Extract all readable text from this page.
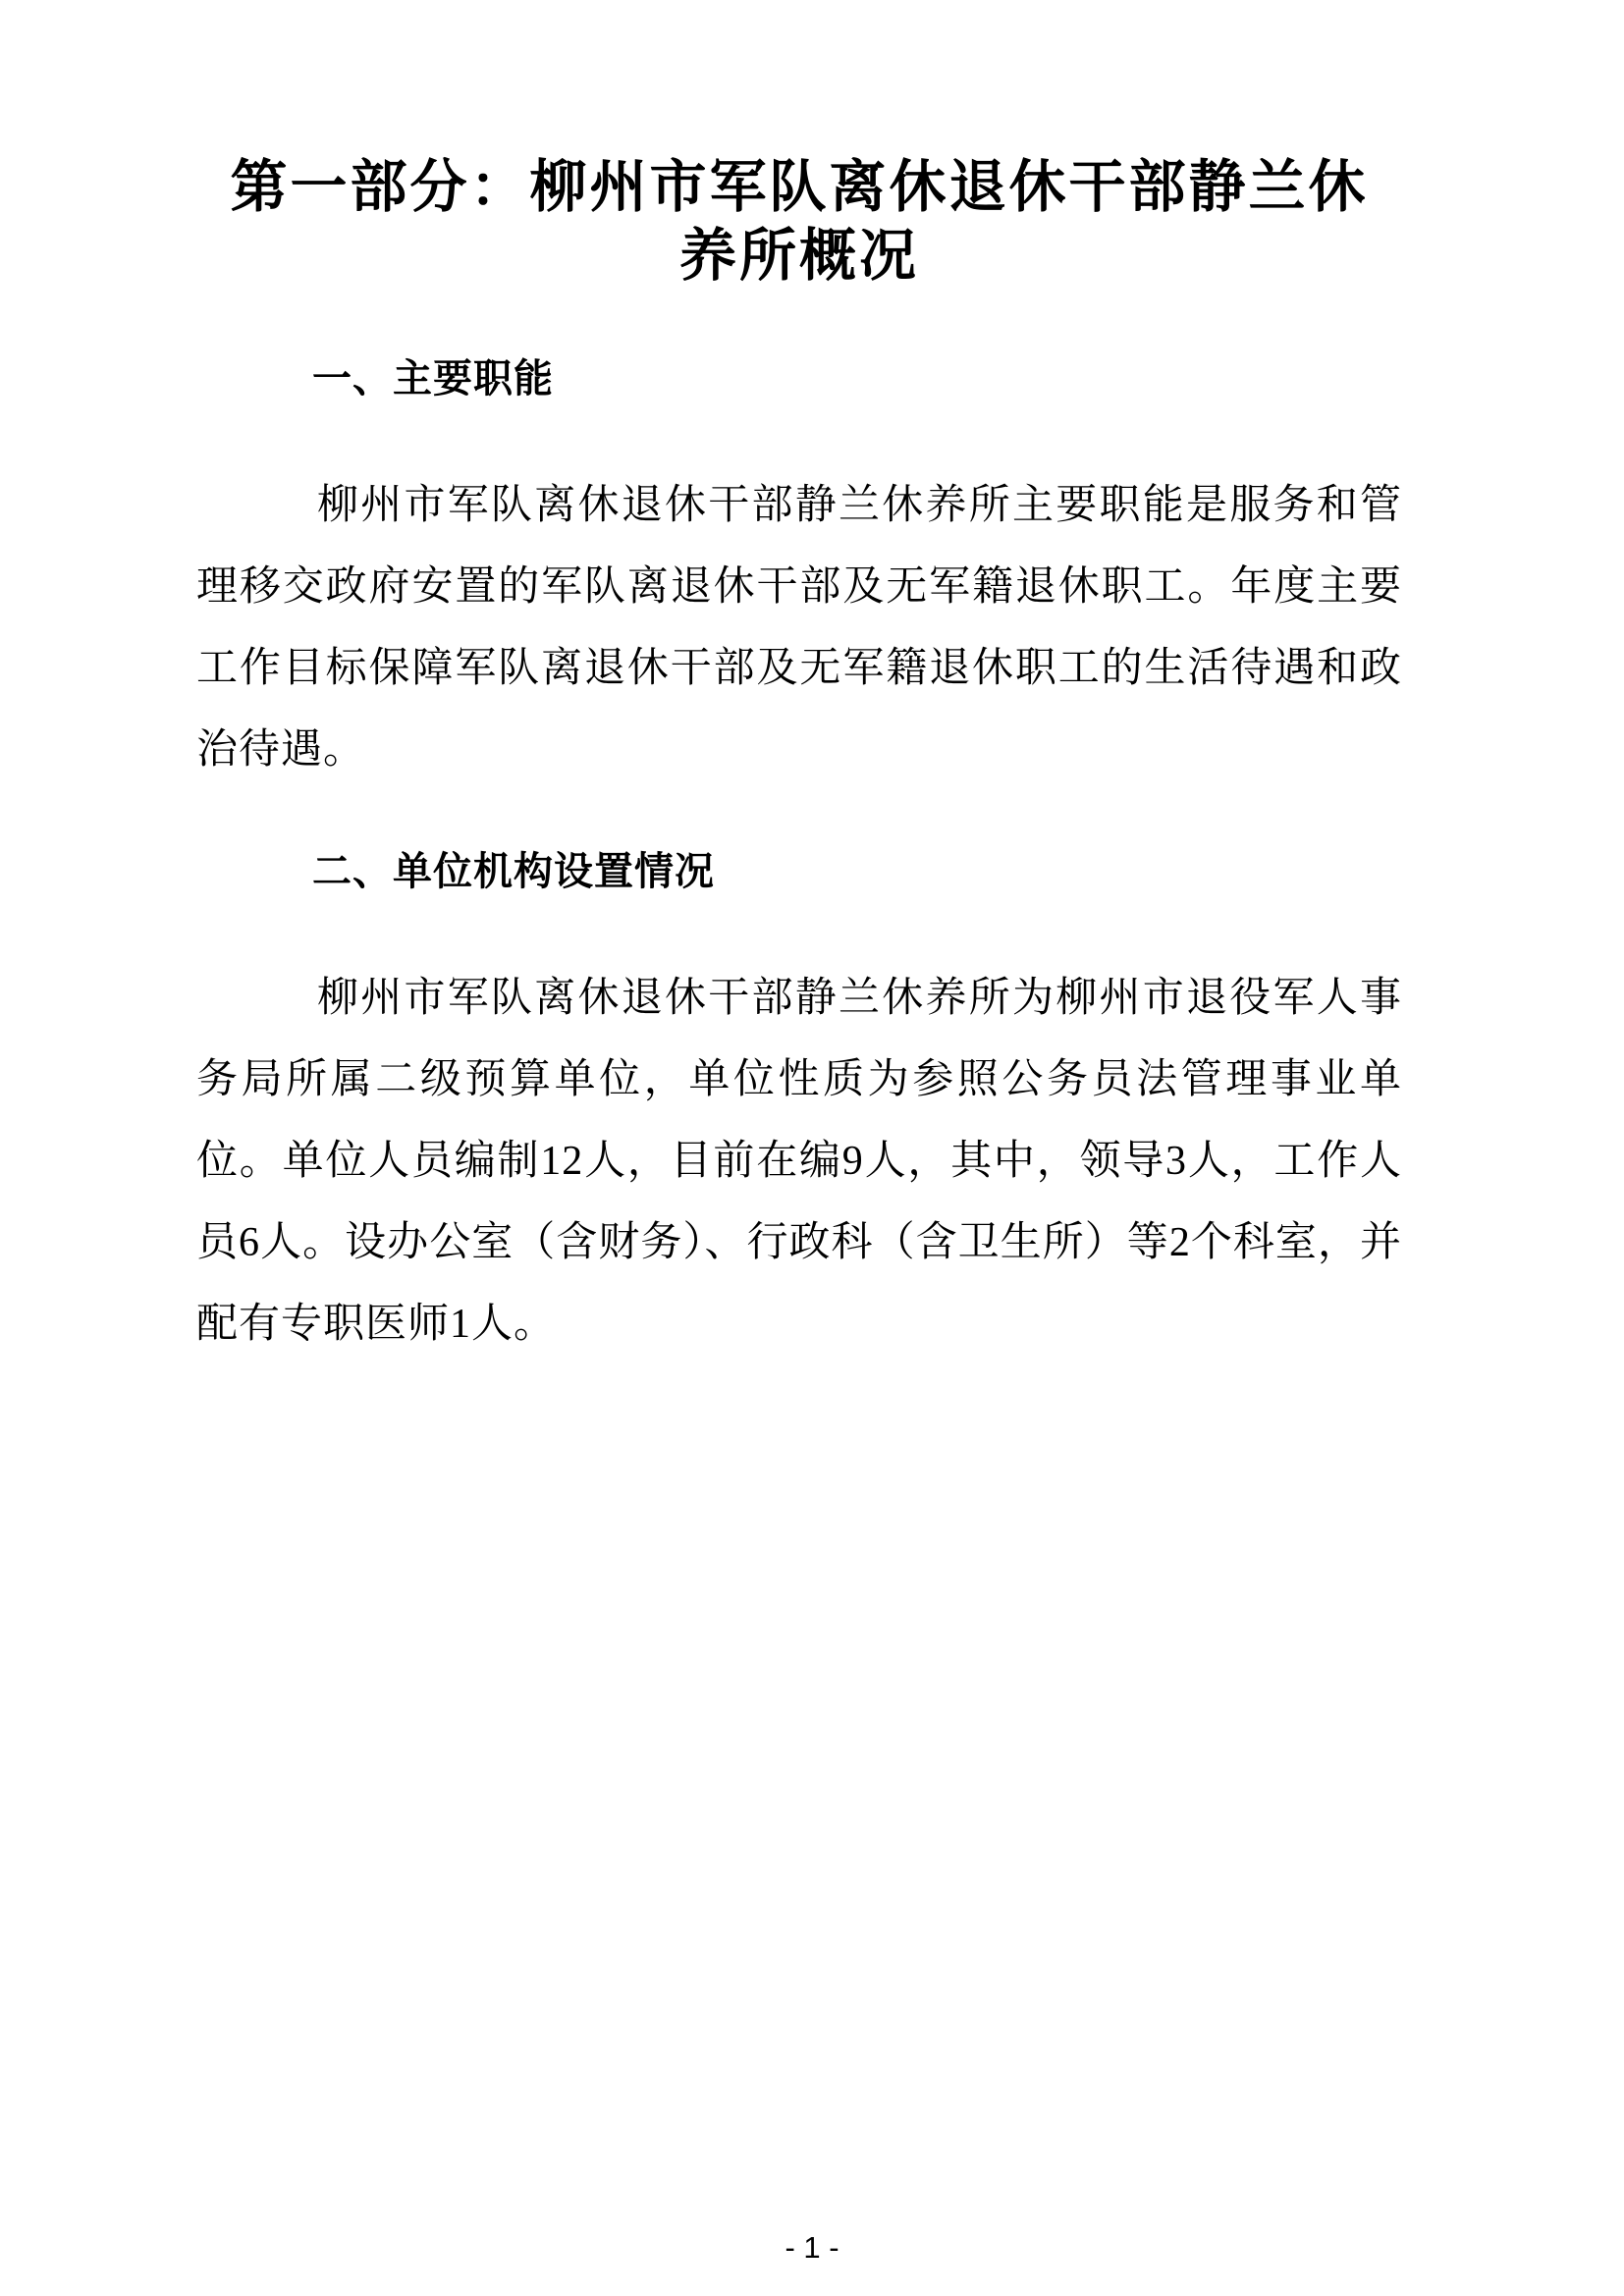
第一部分：柳州市军队离休退休干部静兰休
养所概况
一、主要职能

柳州市军队离休退休干部静兰休养所主要职能是服务和管理移交政府安置的军队离退休干部及无军籍退休职工。年度主要工作目标保障军队离退休干部及无军籍退休职工的生活待遇和政治待遇。

二、单位机构设置情况

柳州市军队离休退休干部静兰休养所为柳州市退役军人事务局所属二级预算单位，单位性质为参照公务员法管理事业单位。单位人员编制12人，目前在编9人，其中，领导3人，工作人员6人。设办公室（含财务）、行政科（含卫生所）等2个科室，并配有专职医师1人。

- 1 -
